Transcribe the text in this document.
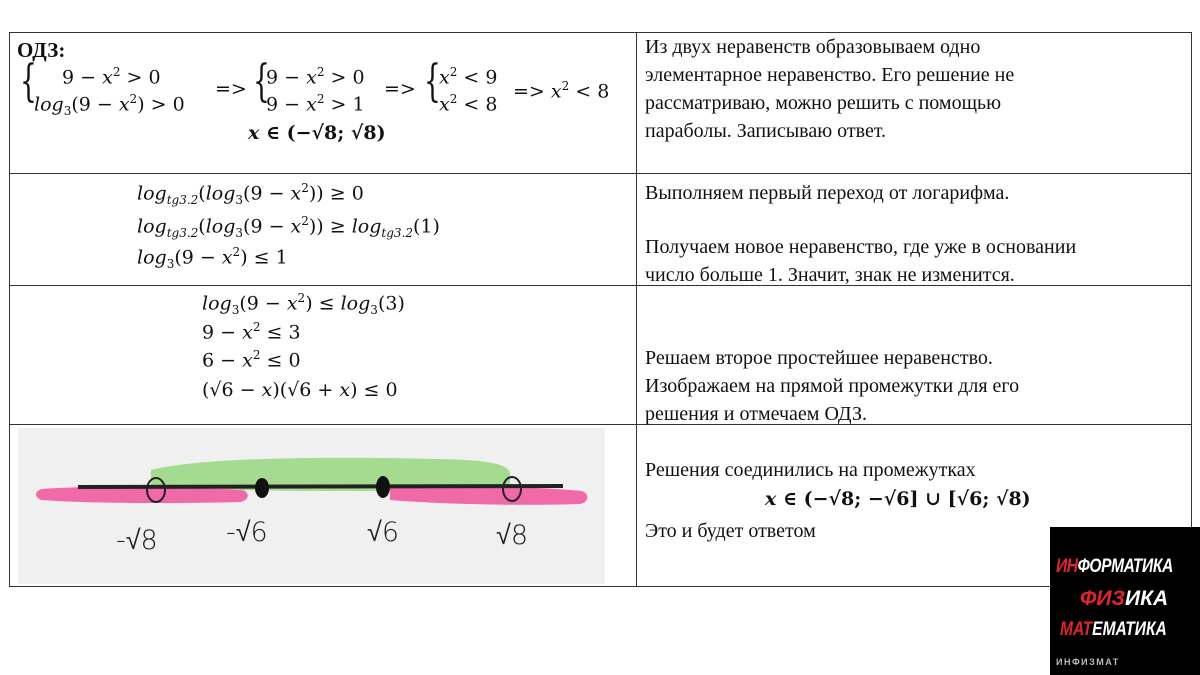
ОДЗ:
{ $9 - x^2 > 0$
$\log_3(9 - x^2) > 0$
=> {
$9 - x^2 > 0$
$9 - x^2 > 1$
=> {
$x^2 < 9$
$x^2 < 8$
=> $x^2 < 8$
x ∈ (−√8; √8)
Из двух неравенств образовываем одно
элементарное неравенство. Его решение не
рассматриваю, можно решить с помощью
параболы. Записываю ответ.
$\log_{tg3.2}(\log_3(9 - x^2)) \ge 0$
$\log_{tg3.2}(\log_3(9 - x^2)) \ge \log_{tg3.2}(1)$
$\log_3(9 - x^2) \le 1$
Выполняем первый переход от логарифма.
Получаем новое неравенство, где уже в основании
число больше 1. Значит, знак не изменится.
$\log_3(9 - x^2) \le \log_3(3)$
$9 - x^2 \le 3$
$6 - x^2 \le 0$
(√6 − x)(√6 + x) ≤ 0
Решаем второе простейшее неравенство.
Изображаем на прямой промежутки для его
решения и отмечаем ОДЗ.
-√8	-√6	√6	√8
Решения соединились на промежутках
x ∈ (−√8; −√6] ∪ [√6; √8)
Это и будет ответом
ИНФОРМАТИКА
ФИЗИКА
МАТЕМАТИКА
ИНФИЗМАТ
